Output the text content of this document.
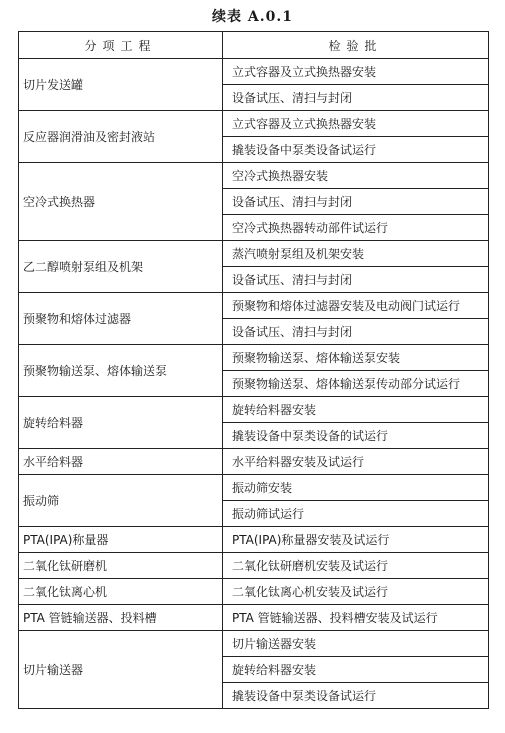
续表 A.0.1
分项工程	检验批
切片发送罐	立式容器及立式换热器安装
	设备试压、清扫与封闭
反应器润滑油及密封液站	立式容器及立式换热器安装
	撬装设备中泵类设备试运行
空冷式换热器	空冷式换热器安装
	设备试压、清扫与封闭
	空冷式换热器转动部件试运行
乙二醇喷射泵组及机架	蒸汽喷射泵组及机架安装
	设备试压、清扫与封闭
预聚物和熔体过滤器	预聚物和熔体过滤器安装及电动阀门试运行
	设备试压、清扫与封闭
预聚物输送泵、熔体输送泵	预聚物输送泵、熔体输送泵安装
	预聚物输送泵、熔体输送泵传动部分试运行
旋转给料器	旋转给料器安装
	撬装设备中泵类设备的试运行
水平给料器	水平给料器安装及试运行
振动筛	振动筛安装
	振动筛试运行
PTA(IPA)称量器	PTA(IPA)称量器安装及试运行
二氧化钛研磨机	二氧化钛研磨机安装及试运行
二氧化钛离心机	二氧化钛离心机安装及试运行
PTA 管链输送器、投料槽	PTA 管链输送器、投料槽安装及试运行
切片输送器	切片输送器安装
	旋转给料器安装
	撬装设备中泵类设备试运行
